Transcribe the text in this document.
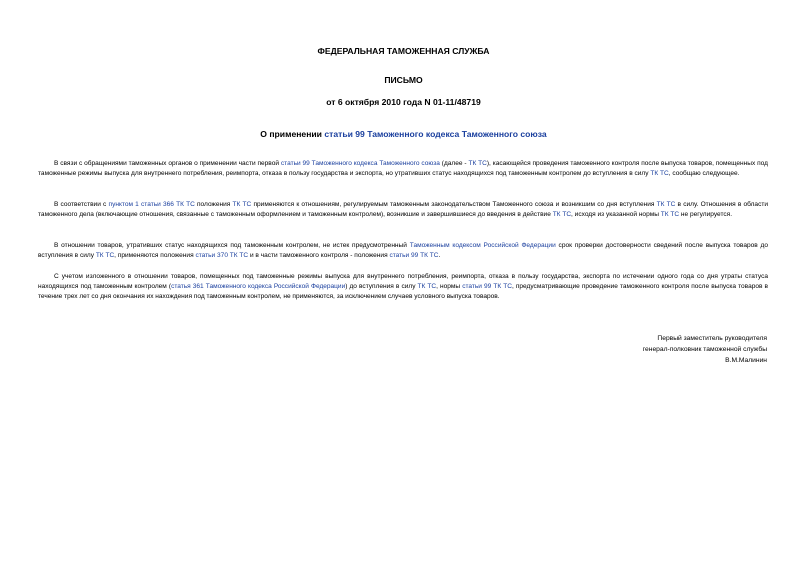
ФЕДЕРАЛЬНАЯ ТАМОЖЕННАЯ СЛУЖБА
ПИСЬМО
от 6 октября 2010 года N 01-11/48719
О применении статьи 99 Таможенного кодекса Таможенного союза
В связи с обращениями таможенных органов о применении части первой статьи 99 Таможенного кодекса Таможенного союза (далее - ТК ТС), касающейся проведения таможенного контроля после выпуска товаров, помещенных под таможенные режимы выпуска для внутреннего потребления, реимпорта, отказа в пользу государства и экспорта, но утративших статус находящихся под таможенным контролем до вступления в силу ТК ТС, сообщаю следующее.
В соответствии с пунктом 1 статьи 366 ТК ТС положения ТК ТС применяются к отношениям, регулируемым таможенным законодательством Таможенного союза и возникшим со дня вступления ТК ТС в силу. Отношения в области таможенного дела (включающие отношения, связанные с таможенным оформлением и таможенным контролем), возникшие и завершившиеся до введения в действие ТК ТС, исходя из указанной нормы ТК ТС не регулируется.
В отношении товаров, утративших статус находящихся под таможенным контролем, не истек предусмотренный Таможенным кодексом Российской Федерации срок проверки достоверности сведений после выпуска товаров до вступления в силу ТК ТС, применяются положения статьи 370 ТК ТС и в части таможенного контроля - положения статьи 99 ТК ТС.
С учетом изложенного в отношении товаров, помещенных под таможенные режимы выпуска для внутреннего потребления, реимпорта, отказа в пользу государства, экспорта по истечении одного года со дня утраты статуса находящихся под таможенным контролем (статья 361 Таможенного кодекса Российской Федерации) до вступления в силу ТК ТС, нормы статьи 99 ТК ТС, предусматривающие проведение таможенного контроля после выпуска товаров в течение трех лет со дня окончания их нахождения под таможенным контролем, не применяются, за исключением случаев условного выпуска товаров.
Первый заместитель руководителя
генерал-полковник таможенной службы
В.М.Малинин
